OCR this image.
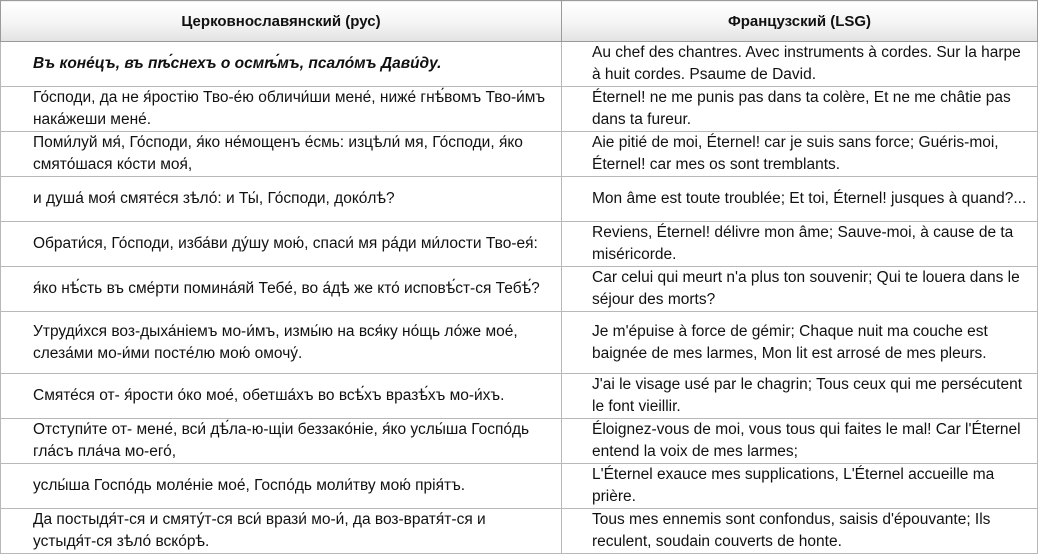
Церковнославянский (рус)	Французский (LSG)
Въ коне́цъ, въ пѣ́снехъ о осмѣ́мъ, псало́мъ Дави́ду.	Au chef des chantres. Avec instruments à cordes. Sur la harpe à huit cordes. Psaume de David.
Го́споди, да не я́ростію Тво-е́ю обличи́ши мене́, ниже́ гнѣ́вомъ Тво-и́мъ нака́жеши мене́.	Éternel! ne me punis pas dans ta colère, Et ne me châtie pas dans ta fureur.
Поми́луй мя́, Го́споди, я́ко не́мощенъ е́смь: изцѣли́ мя, Го́споди, я́ко смято́шася ко́сти моя́,	Aie pitié de moi, Éternel! car je suis sans force; Guéris-moi, Éternel! car mes os sont tremblants.
и душа́ моя́ смяте́ся зѣло́: и Ты́, Го́споди, доко́лѣ?	Mon âme est toute troublée; Et toi, Éternel! jusques à quand?...
Обрати́ся, Го́споди, изба́ви ду́шу мою́, спаси́ мя ра́ди ми́лости Тво-ея́:	Reviens, Éternel! délivre mon âme; Sauve-moi, à cause de ta miséricorde.
я́ко нѣ́сть въ сме́рти помина́яй Тебе́, во а́дѣ же кто́ исповѣ́ст-ся Тебѣ́?	Car celui qui meurt n'a plus ton souvenir; Qui te louera dans le séjour des morts?
Утруди́хся воз-дыха́ніемъ мо-и́мъ, измы́ю на вся́ку но́щь ло́же мое́, слеза́ми мо-и́ми посте́лю мою́ омочу́.	Je m'épuise à force de gémir; Chaque nuit ma couche est baignée de mes larmes, Mon lit est arrosé de mes pleurs.
Смяте́ся от- я́рости о́ко мое́, обетша́хъ во всѣ́хъ вразѣ́хъ мо-и́хъ.	J'ai le visage usé par le chagrin; Tous ceux qui me persécutent le font vieillir.
Отступи́те от- мене́, вси́ дѣ́ла-ю-щіи беззако́ніе, я́ко услы́ша Госпо́дь гла́съ пла́ча мо-его́,	Éloignez-vous de moi, vous tous qui faites le mal! Car l'Éternel entend la voix de mes larmes;
услы́ша Госпо́дь моле́ніе мое́, Госпо́дь моли́тву мою́ прія́тъ.	L'Éternel exauce mes supplications, L'Éternel accueille ma prière.
Да постыдя́т-ся и смяту́т-ся вси́ врази́ мо-и́, да воз-вратя́т-ся и устыдя́т-ся зѣло́ вско́рѣ.	Tous mes ennemis sont confondus, saisis d'épouvante; Ils reculent, soudain couverts de honte.
